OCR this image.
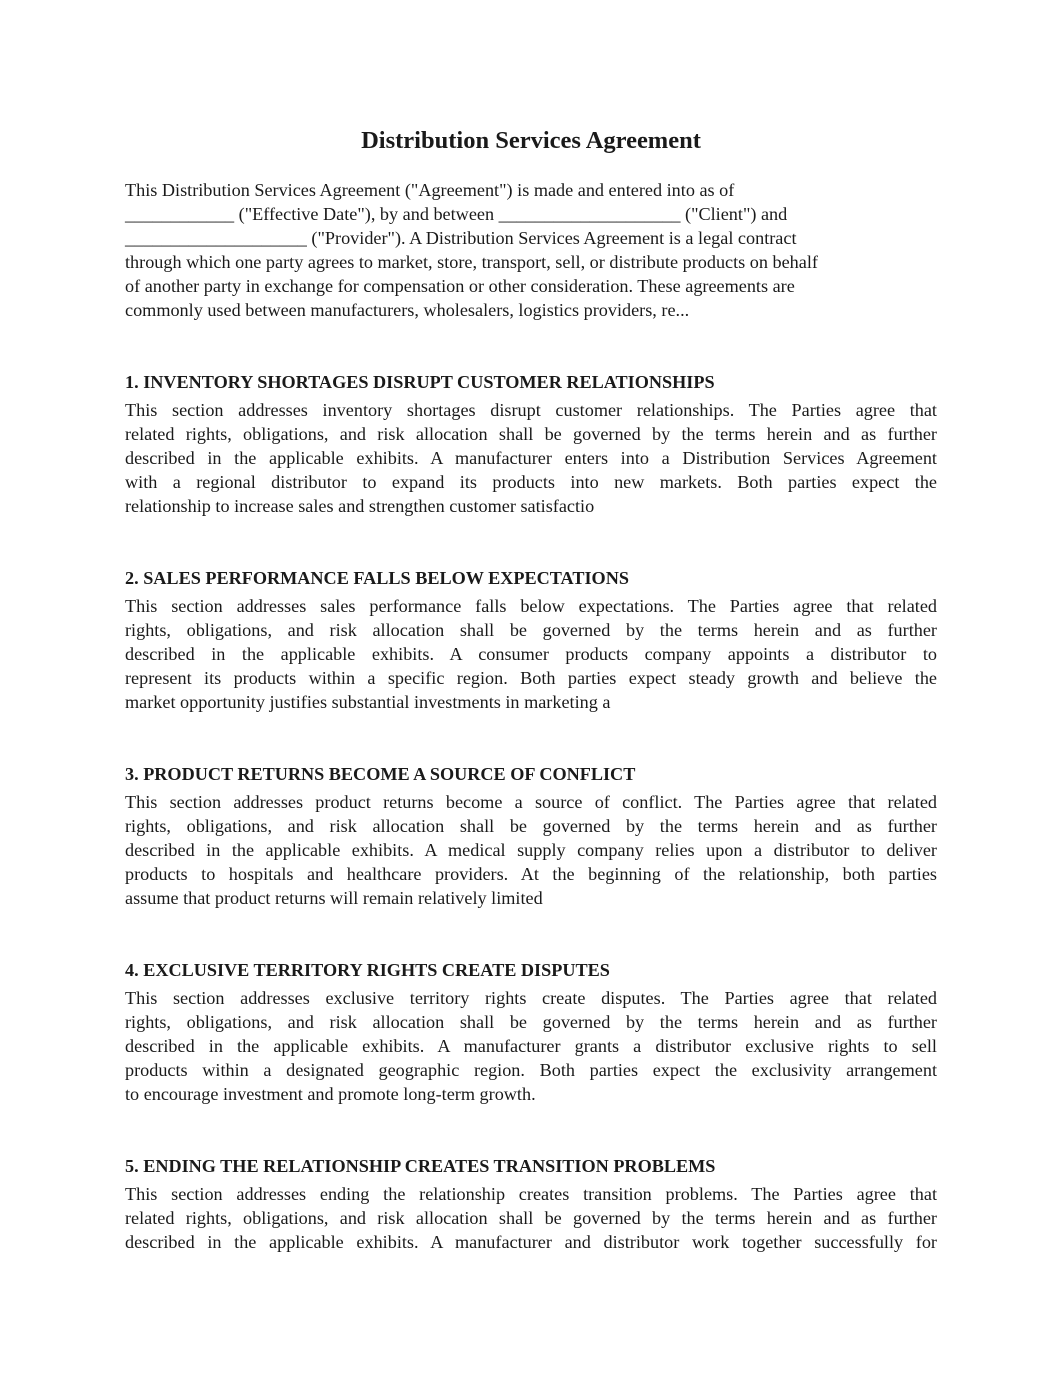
Distribution Services Agreement
This Distribution Services Agreement ("Agreement") is made and entered into as of
____________ ("Effective Date"), by and between ____________________ ("Client") and
____________________ ("Provider"). A Distribution Services Agreement is a legal contract
through which one party agrees to market, store, transport, sell, or distribute products on behalf
of another party in exchange for compensation or other consideration. These agreements are
commonly used between manufacturers, wholesalers, logistics providers, re...
1. INVENTORY SHORTAGES DISRUPT CUSTOMER RELATIONSHIPS
This section addresses inventory shortages disrupt customer relationships. The Parties agree that
related rights, obligations, and risk allocation shall be governed by the terms herein and as further
described in the applicable exhibits. A manufacturer enters into a Distribution Services Agreement
with a regional distributor to expand its products into new markets. Both parties expect the
relationship to increase sales and strengthen customer satisfactio
2. SALES PERFORMANCE FALLS BELOW EXPECTATIONS
This section addresses sales performance falls below expectations. The Parties agree that related
rights, obligations, and risk allocation shall be governed by the terms herein and as further
described in the applicable exhibits. A consumer products company appoints a distributor to
represent its products within a specific region. Both parties expect steady growth and believe the
market opportunity justifies substantial investments in marketing a
3. PRODUCT RETURNS BECOME A SOURCE OF CONFLICT
This section addresses product returns become a source of conflict. The Parties agree that related
rights, obligations, and risk allocation shall be governed by the terms herein and as further
described in the applicable exhibits. A medical supply company relies upon a distributor to deliver
products to hospitals and healthcare providers. At the beginning of the relationship, both parties
assume that product returns will remain relatively limited
4. EXCLUSIVE TERRITORY RIGHTS CREATE DISPUTES
This section addresses exclusive territory rights create disputes. The Parties agree that related
rights, obligations, and risk allocation shall be governed by the terms herein and as further
described in the applicable exhibits. A manufacturer grants a distributor exclusive rights to sell
products within a designated geographic region. Both parties expect the exclusivity arrangement
to encourage investment and promote long-term growth.
5. ENDING THE RELATIONSHIP CREATES TRANSITION PROBLEMS
This section addresses ending the relationship creates transition problems. The Parties agree that
related rights, obligations, and risk allocation shall be governed by the terms herein and as further
described in the applicable exhibits. A manufacturer and distributor work together successfully for
